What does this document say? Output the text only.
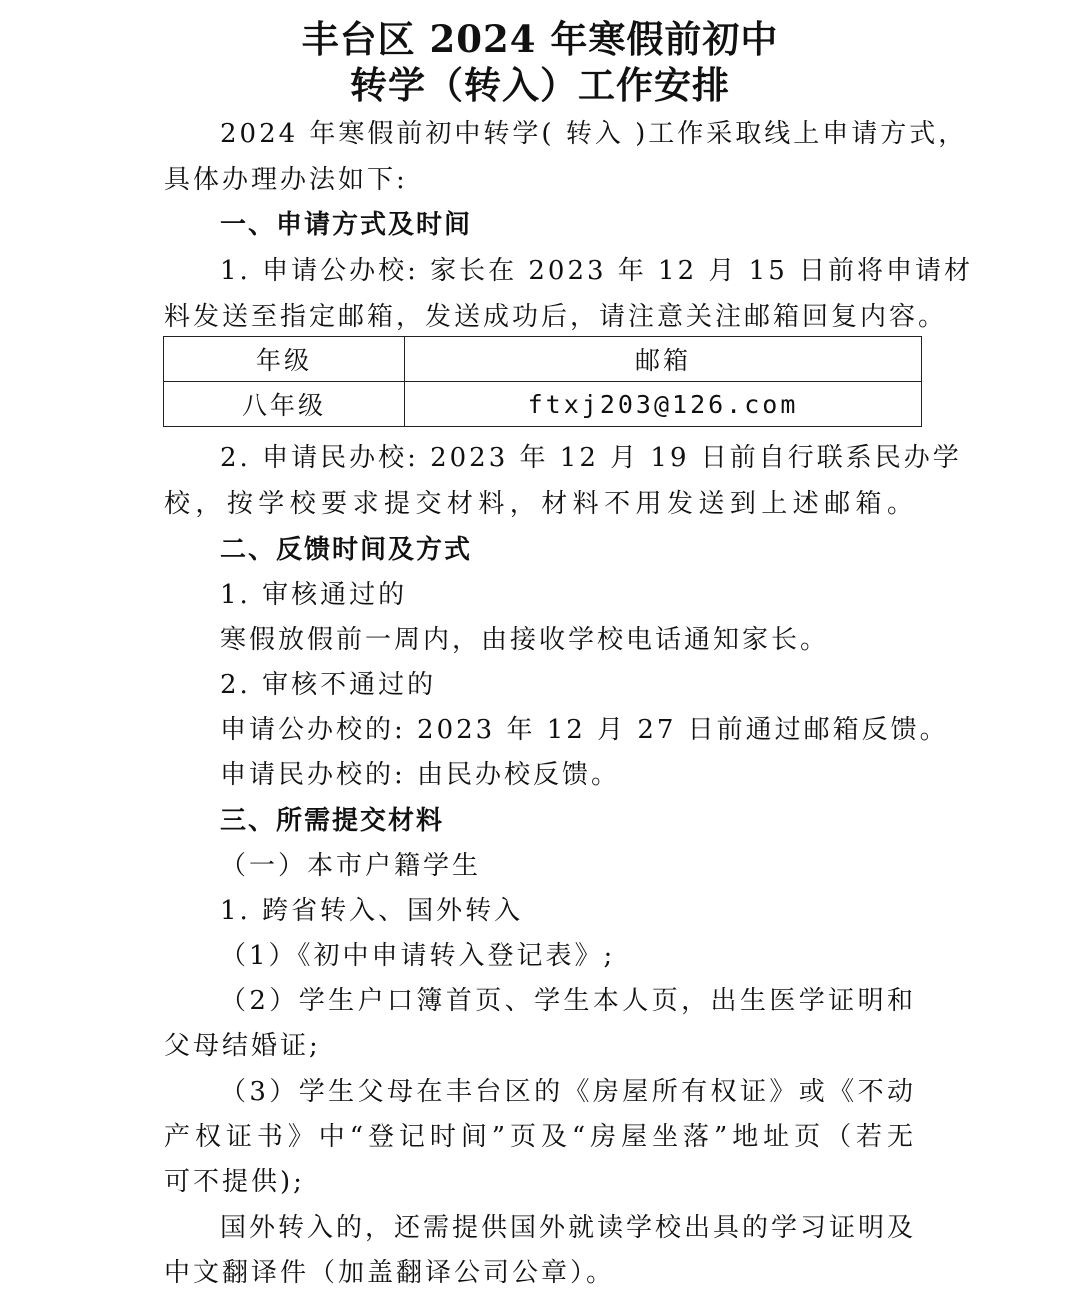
丰台区 2024 年寒假前初中
转学（转入）工作安排
2024 年寒假前初中转学( 转入 )工作采取线上申请方式，
具体办理办法如下:
一、申请方式及时间
1. 申请公办校: 家长在 2023 年 12 月 15 日前将申请材
料发送至指定邮箱，发送成功后，请注意关注邮箱回复内容。
年级	邮箱
八年级	ftxj203@126.com
2. 申请民办校: 2023 年 12 月 19 日前自行联系民办学
校，按学校要求提交材料，材料不用发送到上述邮箱。
二、反馈时间及方式
1. 审核通过的
寒假放假前一周内，由接收学校电话通知家长。
2. 审核不通过的
申请公办校的: 2023 年 12 月 27 日前通过邮箱反馈。
申请民办校的: 由民办校反馈。
三、所需提交材料
（一）本市户籍学生
1. 跨省转入、国外转入
（1）《初中申请转入登记表》;
（2）学生户口簿首页、学生本人页，出生医学证明和
父母结婚证;
（3）学生父母在丰台区的《房屋所有权证》或《不动
产权证书》中“登记时间”页及“房屋坐落”地址页（若无
可不提供);
国外转入的，还需提供国外就读学校出具的学习证明及
中文翻译件（加盖翻译公司公章）。
